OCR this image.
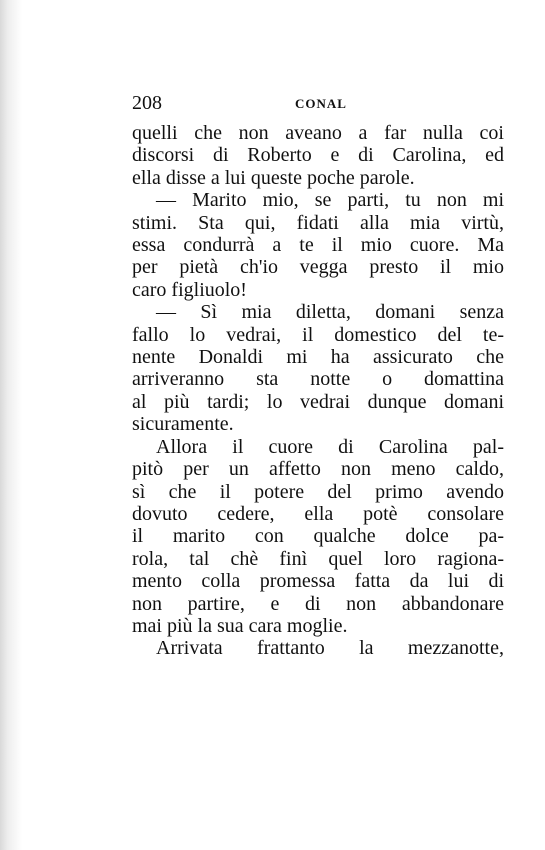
208	CONAL
quelli che non aveano a far nulla coi
discorsi di Roberto e di Carolina, ed
ella disse a lui queste poche parole.
— Marito mio, se parti, tu non mi
stimi. Sta qui, fidati alla mia virtù,
essa condurrà a te il mio cuore. Ma
per pietà ch'io vegga presto il mio
caro figliuolo!
— Sì mia diletta, domani senza
fallo lo vedrai, il domestico del te-
nente Donaldi mi ha assicurato che
arriveranno sta notte o domattina
al più tardi; lo vedrai dunque domani
sicuramente.
Allora il cuore di Carolina pal-
pitò per un affetto non meno caldo,
sì che il potere del primo avendo
dovuto cedere, ella potè consolare
il marito con qualche dolce pa-
rola, tal chè finì quel loro ragiona-
mento colla promessa fatta da lui di
non partire, e di non abbandonare
mai più la sua cara moglie.
Arrivata frattanto la mezzanotte,
